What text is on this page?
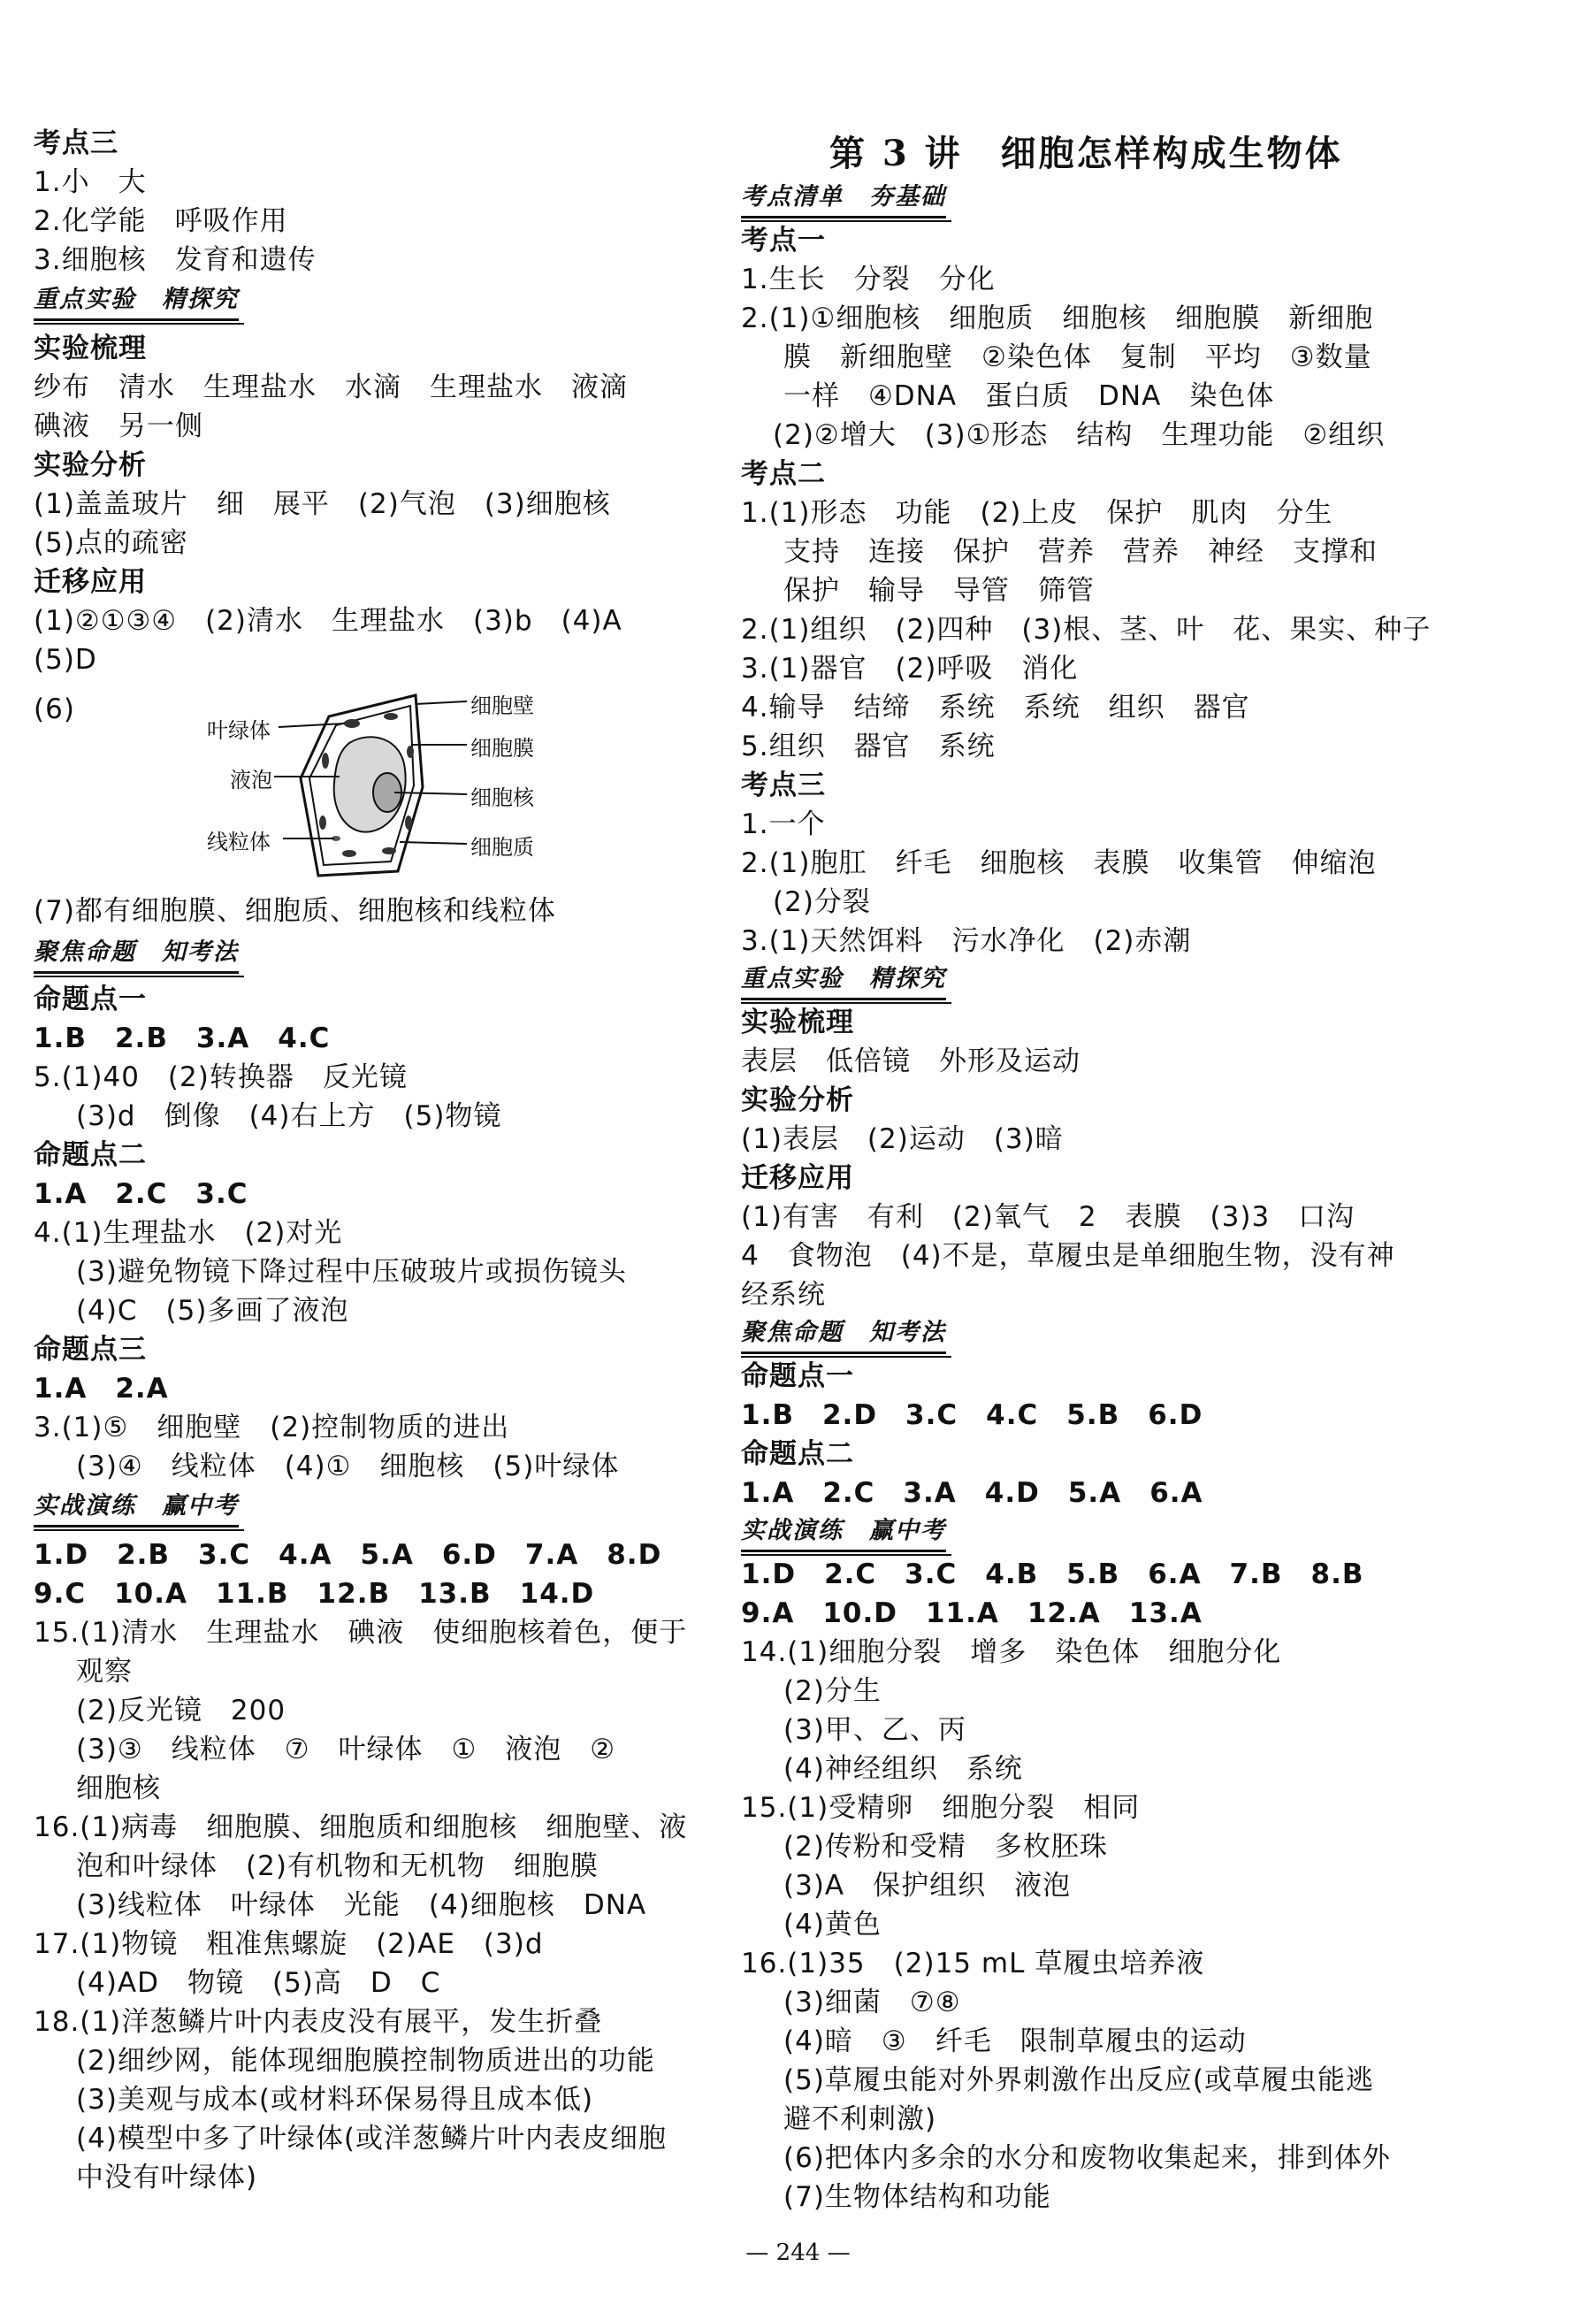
考点三
1.小　大
2.化学能　呼吸作用
3.细胞核　发育和遗传
重点实验　精探究
实验梳理
纱布　清水　生理盐水　水滴　生理盐水　液滴
碘液　另一侧
实验分析
(1)盖盖玻片　细　展平　(2)气泡　(3)细胞核
(5)点的疏密
迁移应用
(1)②①③④　(2)清水　生理盐水　(3)b　(4)A
(5)D
(6)
(7)都有细胞膜、细胞质、细胞核和线粒体
聚焦命题　知考法
命题点一
1.B　2.B　3.A　4.C
5.(1)40　(2)转换器　反光镜
(3)d　倒像　(4)右上方　(5)物镜
命题点二
1.A　2.C　3.C
4.(1)生理盐水　(2)对光
(3)避免物镜下降过程中压破玻片或损伤镜头
(4)C　(5)多画了液泡
命题点三
1.A　2.A
3.(1)⑤　细胞壁　(2)控制物质的进出
(3)④　线粒体　(4)①　细胞核　(5)叶绿体
实战演练　赢中考
1.D　2.B　3.C　4.A　5.A　6.D　7.A　8.D
9.C　10.A　11.B　12.B　13.B　14.D
15.(1)清水　生理盐水　碘液　使细胞核着色，便于
观察
(2)反光镜　200
(3)③　线粒体　⑦　叶绿体　①　液泡　②
细胞核
16.(1)病毒　细胞膜、细胞质和细胞核　细胞壁、液
泡和叶绿体　(2)有机物和无机物　细胞膜
(3)线粒体　叶绿体　光能　(4)细胞核　DNA
17.(1)物镜　粗准焦螺旋　(2)AE　(3)d
(4)AD　物镜　(5)高　D　C
18.(1)洋葱鳞片叶内表皮没有展平，发生折叠
(2)细纱网，能体现细胞膜控制物质进出的功能
(3)美观与成本(或材料环保易得且成本低)
(4)模型中多了叶绿体(或洋葱鳞片叶内表皮细胞
中没有叶绿体)
叶绿体
液泡
线粒体
细胞壁
细胞膜
细胞核
细胞质
第 3 讲　细胞怎样构成生物体
考点清单　夯基础
考点一
1.生长　分裂　分化
2.(1)①细胞核　细胞质　细胞核　细胞膜　新细胞
膜　新细胞壁　②染色体　复制　平均　③数量
一样　④DNA　蛋白质　DNA　染色体
(2)②增大　(3)①形态　结构　生理功能　②组织
考点二
1.(1)形态　功能　(2)上皮　保护　肌肉　分生
支持　连接　保护　营养　营养　神经　支撑和
保护　输导　导管　筛管
2.(1)组织　(2)四种　(3)根、茎、叶　花、果实、种子
3.(1)器官　(2)呼吸　消化
4.输导　结缔　系统　系统　组织　器官
5.组织　器官　系统
考点三
1.一个
2.(1)胞肛　纤毛　细胞核　表膜　收集管　伸缩泡
(2)分裂
3.(1)天然饵料　污水净化　(2)赤潮
重点实验　精探究
实验梳理
表层　低倍镜　外形及运动
实验分析
(1)表层　(2)运动　(3)暗
迁移应用
(1)有害　有利　(2)氧气　2　表膜　(3)3　口沟
4　食物泡　(4)不是，草履虫是单细胞生物，没有神
经系统
聚焦命题　知考法
命题点一
1.B　2.D　3.C　4.C　5.B　6.D
命题点二
1.A　2.C　3.A　4.D　5.A　6.A
实战演练　赢中考
1.D　2.C　3.C　4.B　5.B　6.A　7.B　8.B
9.A　10.D　11.A　12.A　13.A
14.(1)细胞分裂　增多　染色体　细胞分化
(2)分生
(3)甲、乙、丙
(4)神经组织　系统
15.(1)受精卵　细胞分裂　相同
(2)传粉和受精　多枚胚珠
(3)A　保护组织　液泡
(4)黄色
16.(1)35　(2)15 mL 草履虫培养液
(3)细菌　⑦⑧
(4)暗　③　纤毛　限制草履虫的运动
(5)草履虫能对外界刺激作出反应(或草履虫能逃
避不利刺激)
(6)把体内多余的水分和废物收集起来，排到体外
(7)生物体结构和功能
— 244 —
